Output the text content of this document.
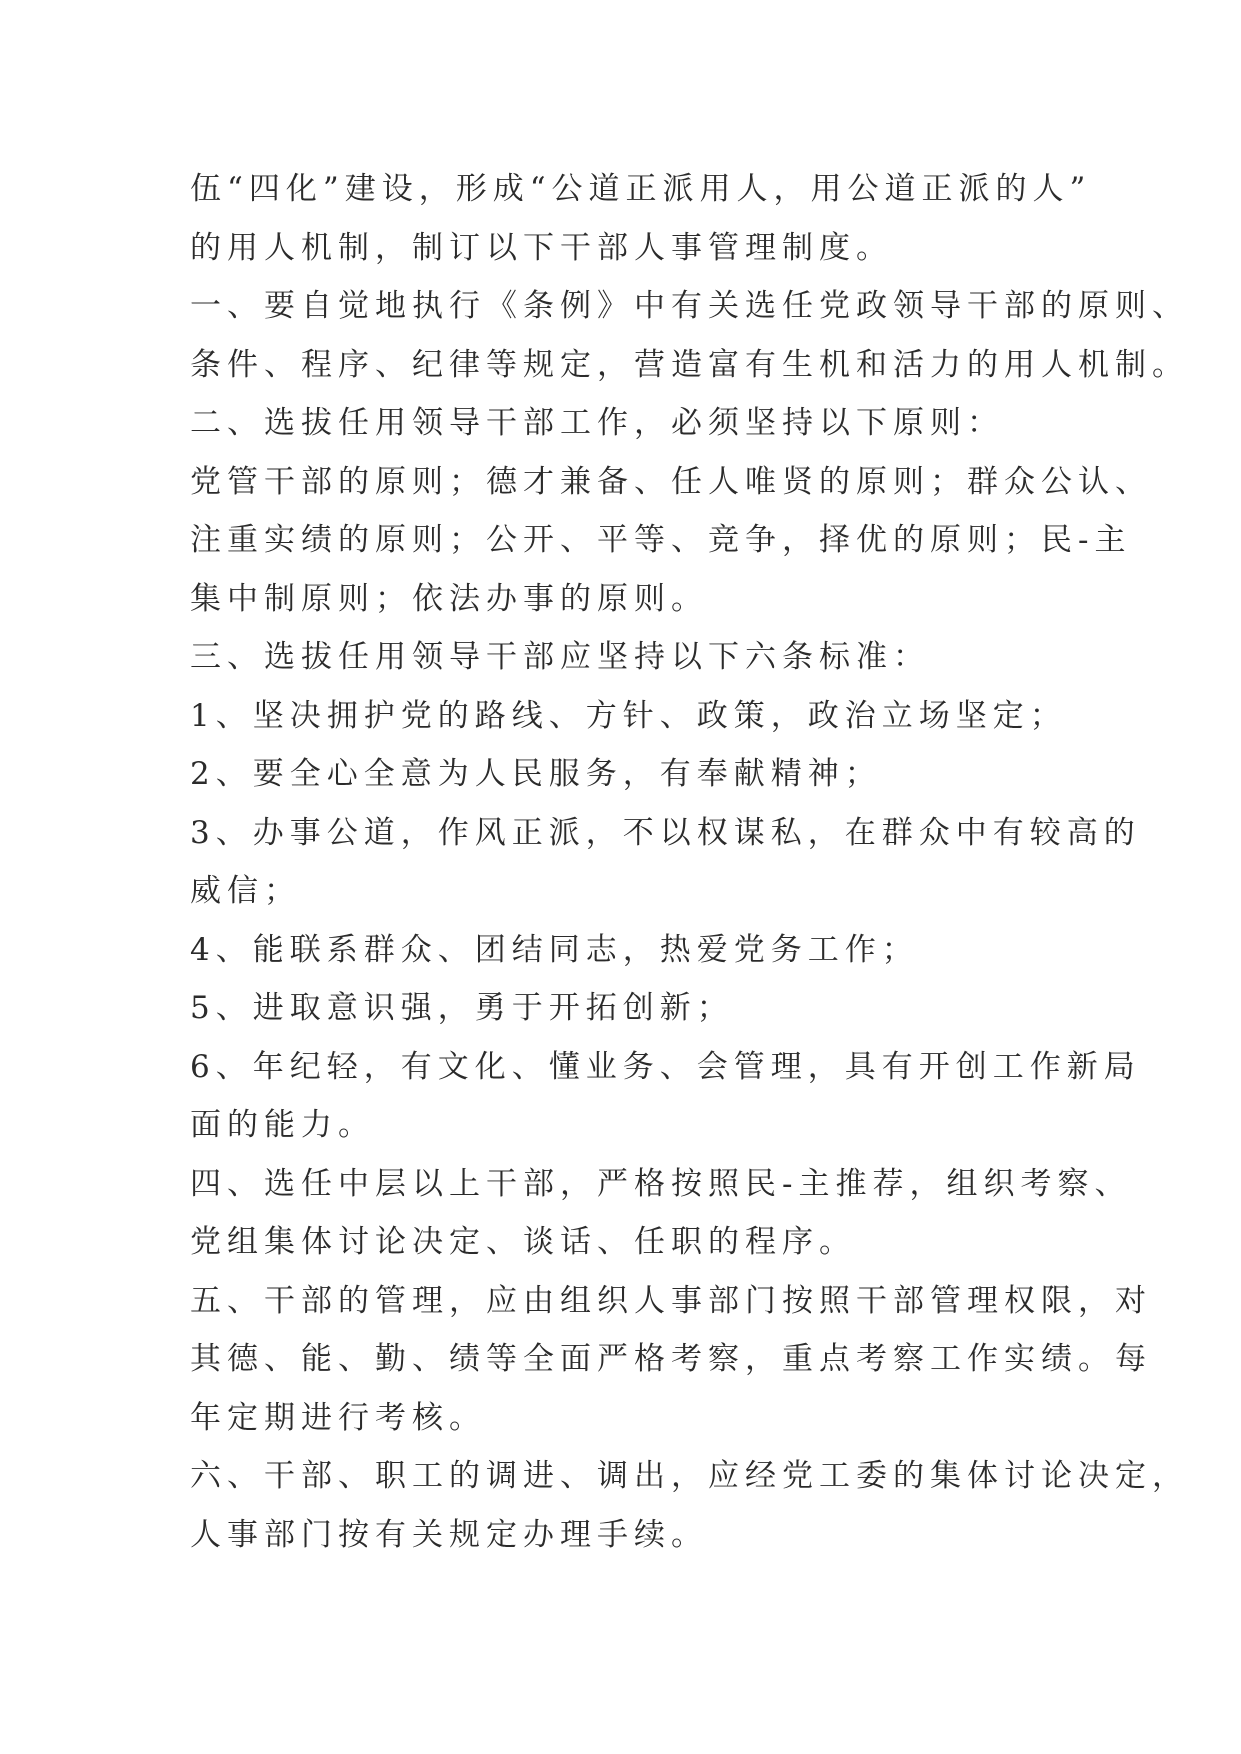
伍“四化”建设，形成“公道正派用人，用公道正派的人”

的用人机制，制订以下干部人事管理制度。

一、要自觉地执行《条例》中有关选任党政领导干部的原则、

条件、程序、纪律等规定，营造富有生机和活力的用人机制。

二、选拔任用领导干部工作，必须坚持以下原则：

党管干部的原则；德才兼备、任人唯贤的原则；群众公认、

注重实绩的原则；公开、平等、竞争，择优的原则；民-主

集中制原则；依法办事的原则。

三、选拔任用领导干部应坚持以下六条标准：

1、坚决拥护党的路线、方针、政策，政治立场坚定；

2、要全心全意为人民服务，有奉献精神；

3、办事公道，作风正派，不以权谋私，在群众中有较高的

威信；

4、能联系群众、团结同志，热爱党务工作；

5、进取意识强，勇于开拓创新；

6、年纪轻，有文化、懂业务、会管理，具有开创工作新局

面的能力。

四、选任中层以上干部，严格按照民-主推荐，组织考察、

党组集体讨论决定、谈话、任职的程序。

五、干部的管理，应由组织人事部门按照干部管理权限，对

其德、能、勤、绩等全面严格考察，重点考察工作实绩。每

年定期进行考核。

六、干部、职工的调进、调出，应经党工委的集体讨论决定，

人事部门按有关规定办理手续。
